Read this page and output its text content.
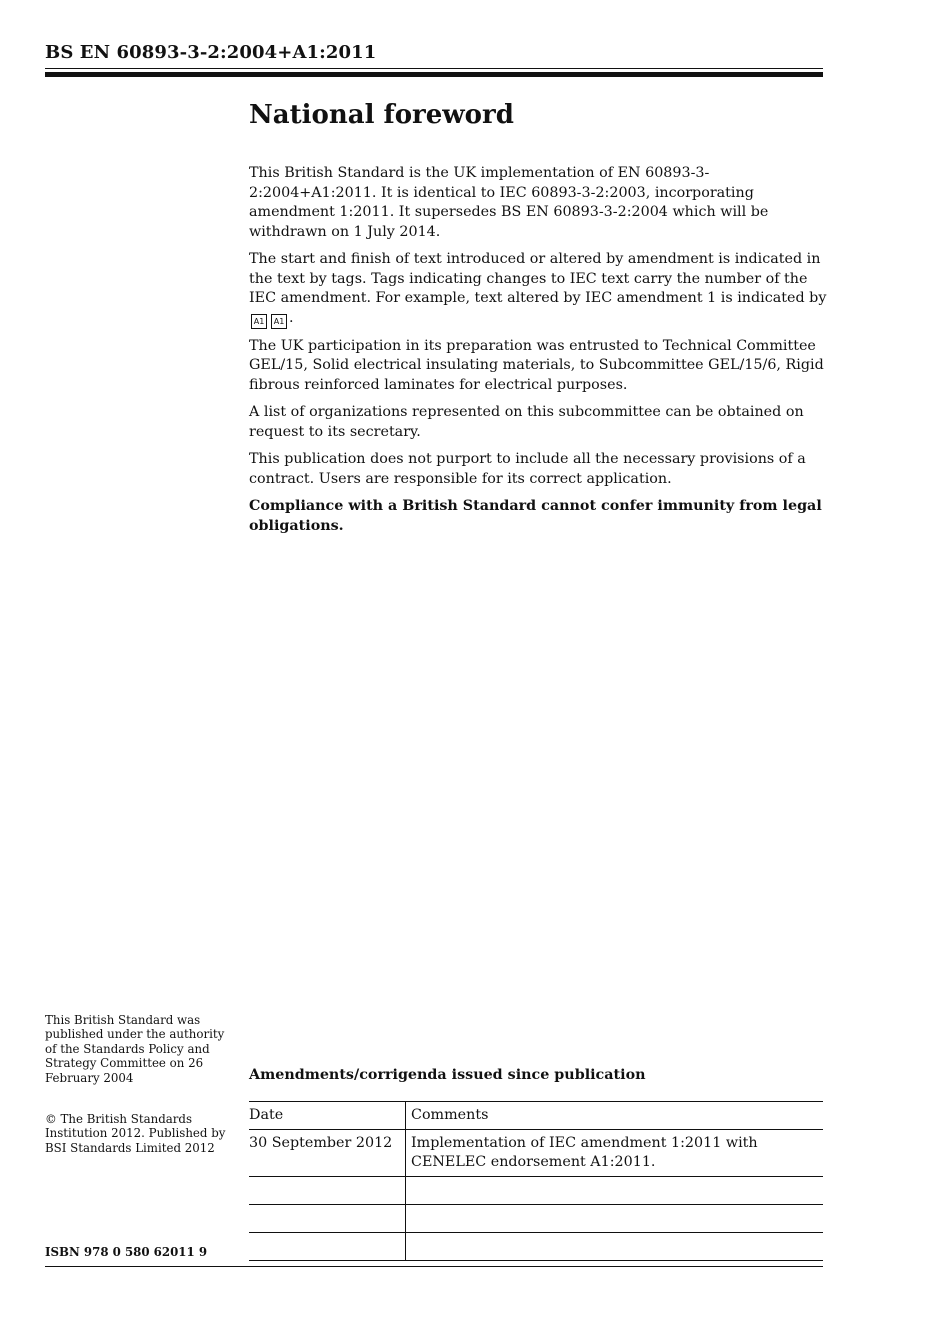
BS EN 60893-3-2:2004+A1:2011
National foreword

This British Standard is the UK implementation of EN 60893-3-2:2004+A1:2011. It is identical to IEC 60893-3-2:2003, incorporating amendment 1:2011. It supersedes BS EN 60893-3-2:2004 which will be withdrawn on 1 July 2014.

The start and finish of text introduced or altered by amendment is indicated in the text by tags. Tags indicating changes to IEC text carry the number of the IEC amendment. For example, text altered by IEC amendment 1 is indicated by A1 A1 .

The UK participation in its preparation was entrusted to Technical Committee GEL/15, Solid electrical insulating materials, to Subcommittee GEL/15/6, Rigid fibrous reinforced laminates for electrical purposes.

A list of organizations represented on this subcommittee can be obtained on request to its secretary.

This publication does not purport to include all the necessary provisions of a contract. Users are responsible for its correct application.

Compliance with a British Standard cannot confer immunity from legal obligations.

This British Standard was published under the authority of the Standards Policy and Strategy Committee on 26 February 2004
© The British Standards Institution 2012. Published by BSI Standards Limited 2012
ISBN 978 0 580 62011 9
Amendments/corrigenda issued since publication
Date	Comments
30 September 2012	Implementation of IEC amendment 1:2011 with CENELEC endorsement A1:2011.
